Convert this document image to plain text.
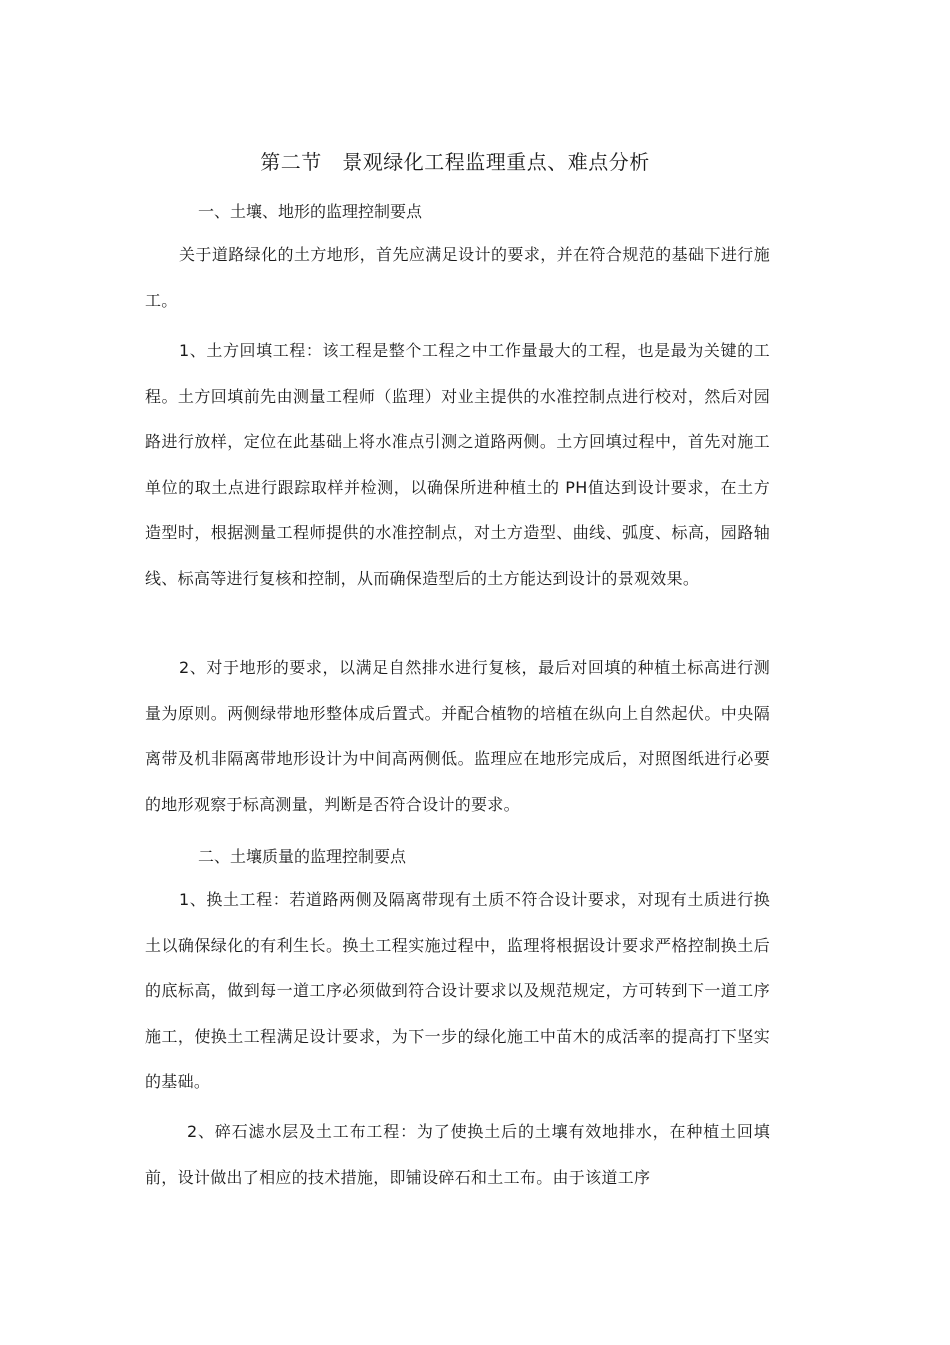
第二节　景观绿化工程监理重点、难点分析
一、土壤、地形的监理控制要点

关于道路绿化的土方地形，首先应满足设计的要求，并在符合规范的基础下进行施工。

1、土方回填工程：该工程是整个工程之中工作量最大的工程，也是最为关键的工程。土方回填前先由测量工程师（监理）对业主提供的水准控制点进行校对，然后对园路进行放样，定位在此基础上将水准点引测之道路两侧。土方回填过程中，首先对施工单位的取土点进行跟踪取样并检测，以确保所进种植土的 PH值达到设计要求，在土方造型时，根据测量工程师提供的水准控制点，对土方造型、曲线、弧度、标高，园路轴线、标高等进行复核和控制，从而确保造型后的土方能达到设计的景观效果。

2、对于地形的要求，以满足自然排水进行复核，最后对回填的种植土标高进行测量为原则。两侧绿带地形整体成后置式。并配合植物的培植在纵向上自然起伏。中央隔离带及机非隔离带地形设计为中间高两侧低。监理应在地形完成后，对照图纸进行必要的地形观察于标高测量，判断是否符合设计的要求。

二、土壤质量的监理控制要点

1、换土工程：若道路两侧及隔离带现有土质不符合设计要求，对现有土质进行换土以确保绿化的有利生长。换土工程实施过程中，监理将根据设计要求严格控制换土后的底标高，做到每一道工序必须做到符合设计要求以及规范规定，方可转到下一道工序施工，使换土工程满足设计要求，为下一步的绿化施工中苗木的成活率的提高打下坚实的基础。

2、碎石滤水层及土工布工程：为了使换土后的土壤有效地排水，在种植土回填前，设计做出了相应的技术措施，即铺设碎石和土工布。由于该道工序
